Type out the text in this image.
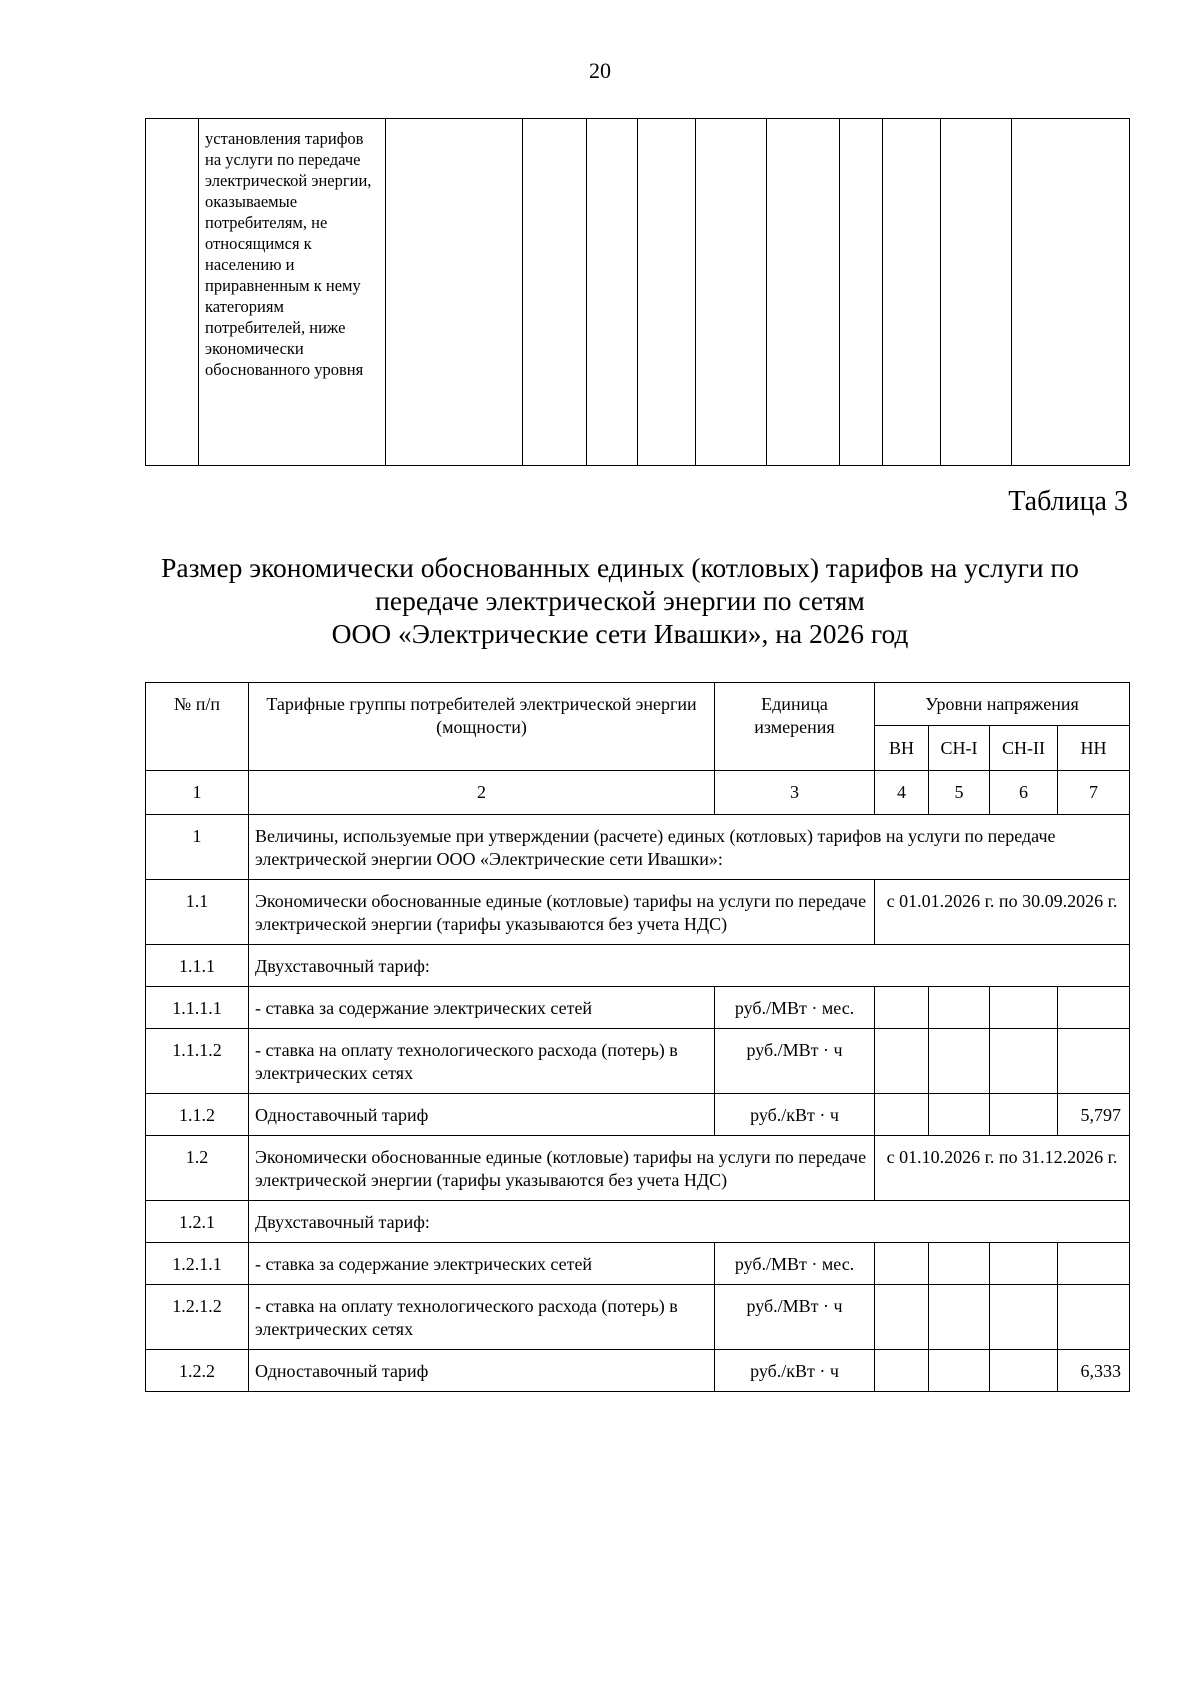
20
	установления тарифов на услуги по передаче электрической энергии, оказываемые потребителям, не относящимся к населению и приравненным к нему категориям потребителей, ниже экономически обоснованного уровня										
Таблица 3
Размер экономически обоснованных единых (котловых) тарифов на услуги по
передаче электрической энергии по сетям
ООО «Электрические сети Ивашки», на 2026 год
№ п/п	Тарифные группы потребителей электрической энергии (мощности)	Единица измерения	Уровни напряжения			
			ВН	СН-I	СН-II	НН
1	2	3	4	5	6	7
1	Величины, используемые при утверждении (расчете) единых (котловых) тарифов на услуги по передаче электрической энергии ООО «Электрические сети Ивашки»:					
1.1	Экономически обоснованные единые (котловые) тарифы на услуги по передаче электрической энергии (тарифы указываются без учета НДС)		с 01.01.2026 г. по 30.09.2026 г.			
1.1.1	Двухставочный тариф:					
1.1.1.1	- ставка за содержание электрических сетей	руб./МВт · мес.				
1.1.1.2	- ставка на оплату технологического расхода (потерь) в электрических сетях	руб./МВт · ч				
1.1.2	Одноставочный тариф	руб./кВт · ч				5,797
1.2	Экономически обоснованные единые (котловые) тарифы на услуги по передаче электрической энергии (тарифы указываются без учета НДС)		с 01.10.2026 г. по 31.12.2026 г.			
1.2.1	Двухставочный тариф:					
1.2.1.1	- ставка за содержание электрических сетей	руб./МВт · мес.				
1.2.1.2	- ставка на оплату технологического расхода (потерь) в электрических сетях	руб./МВт · ч				
1.2.2	Одноставочный тариф	руб./кВт · ч				6,333
